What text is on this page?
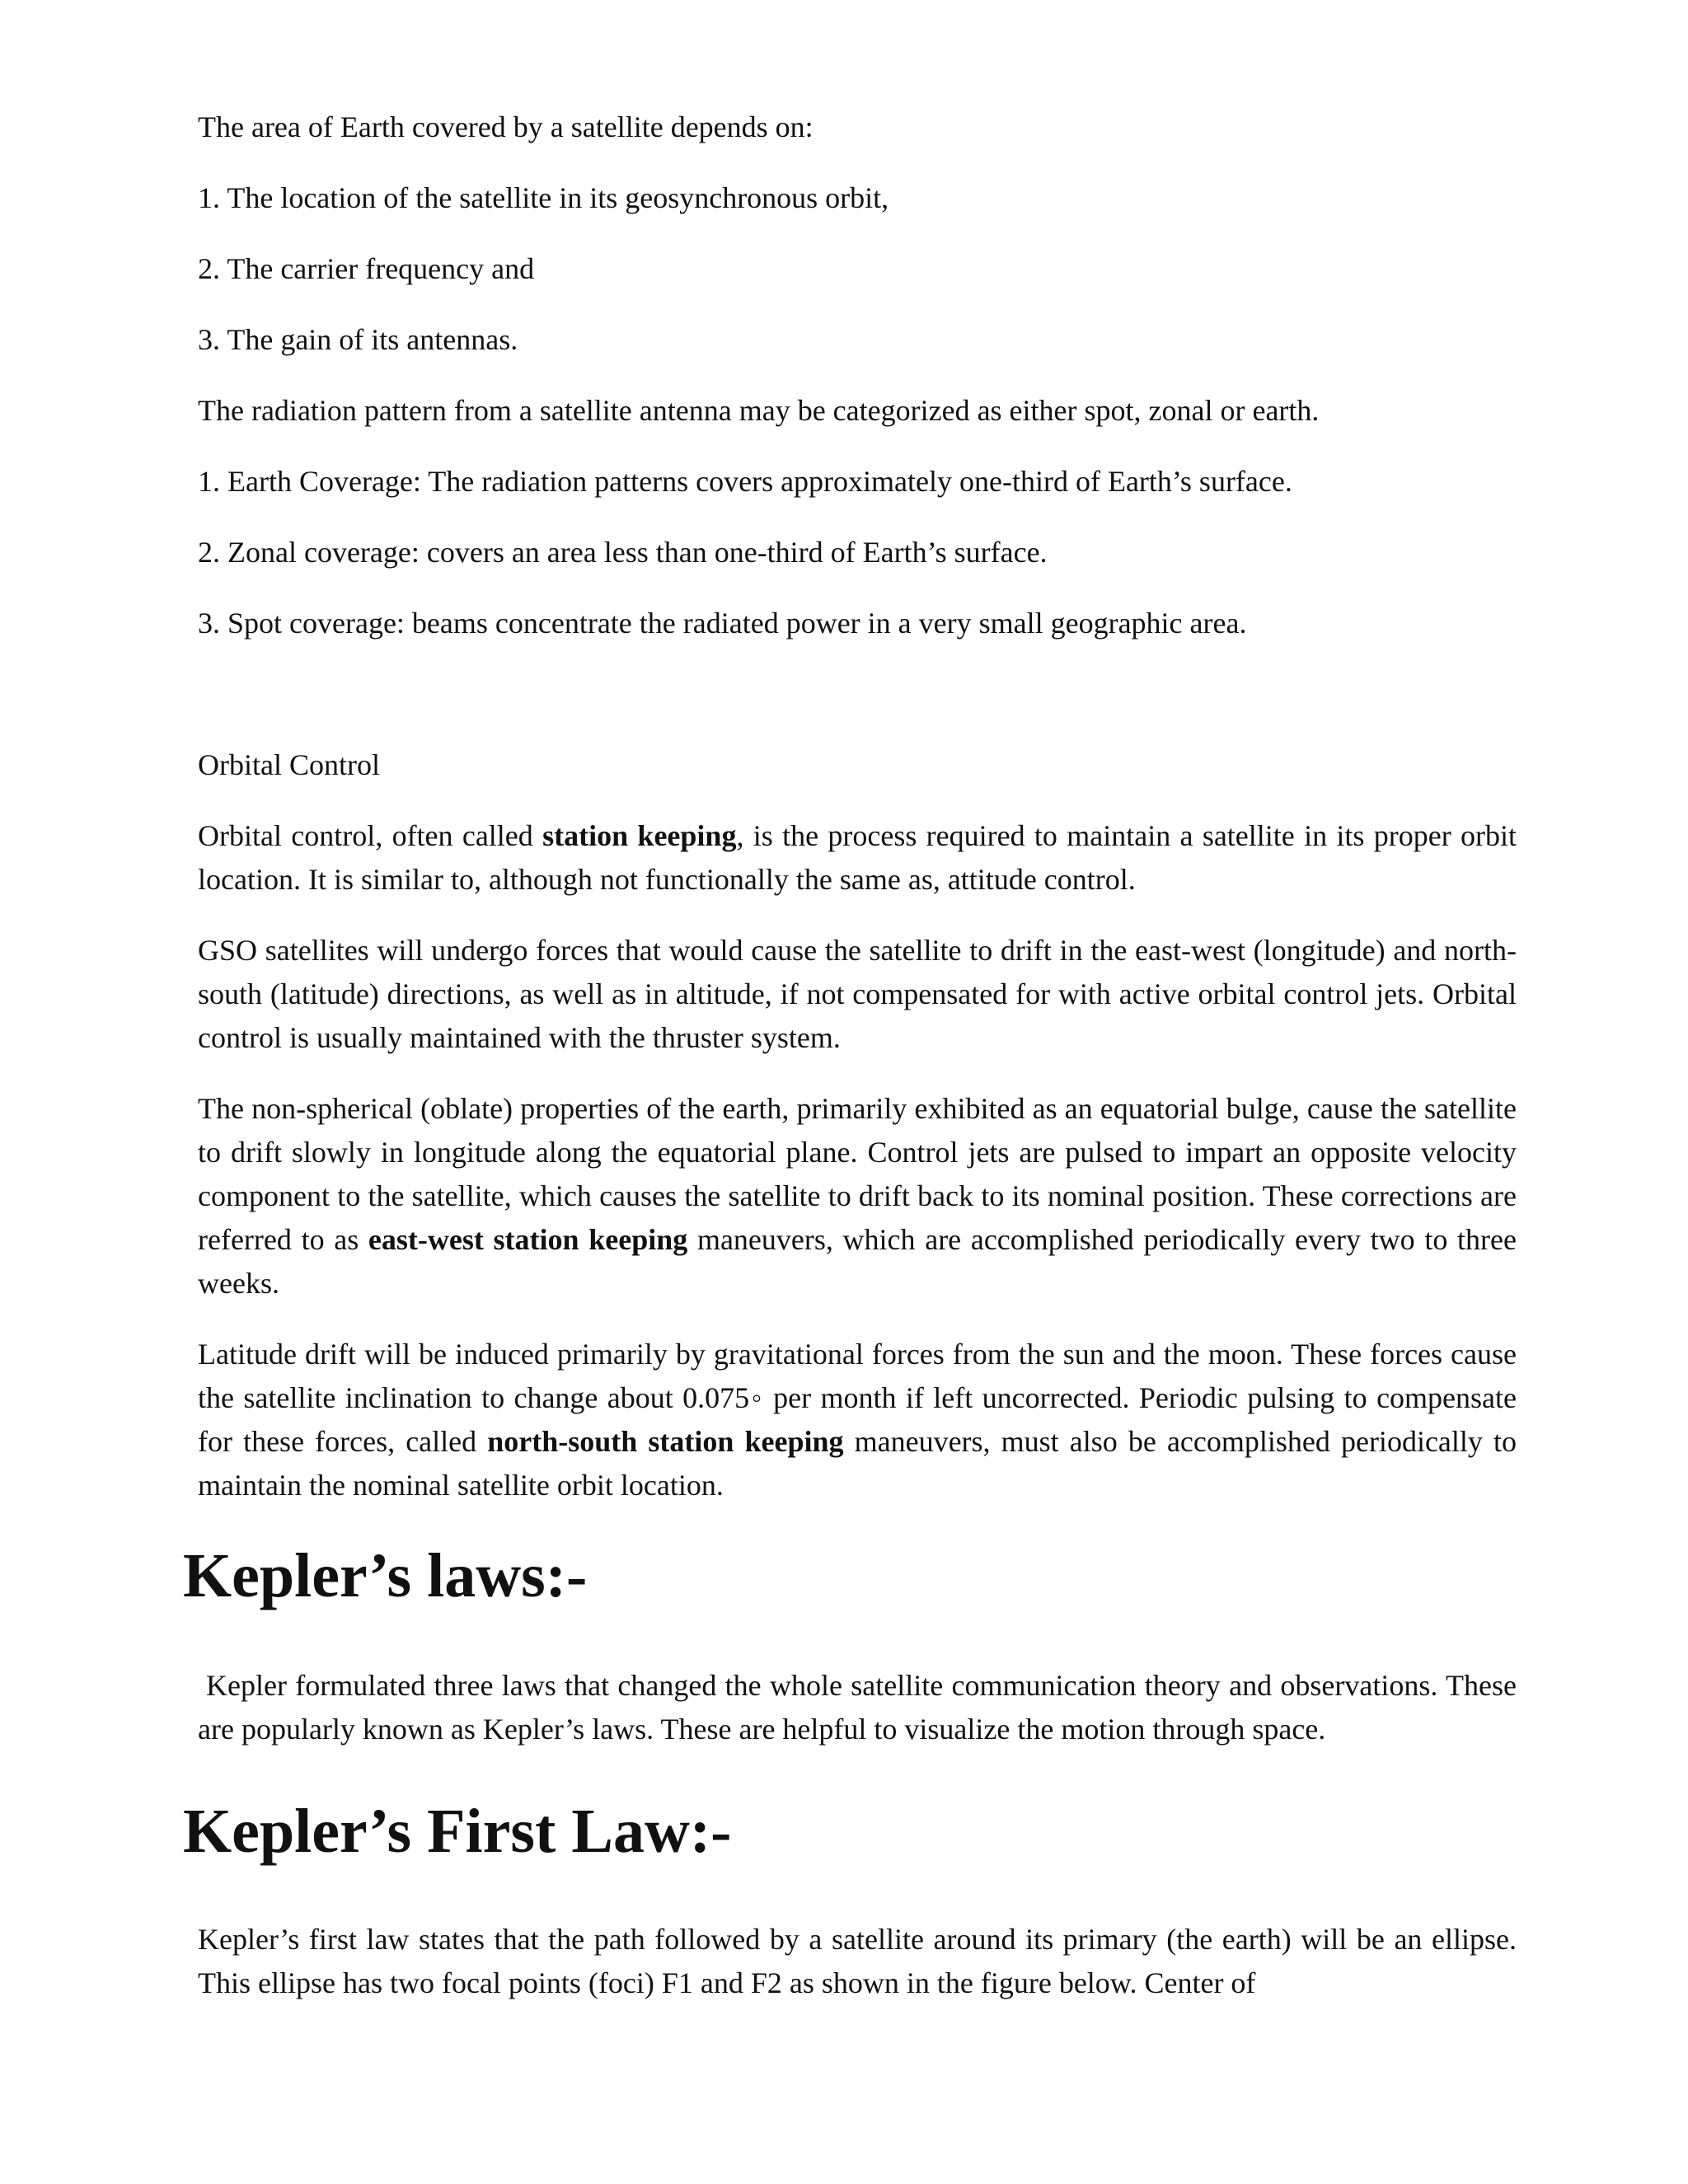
The area of Earth covered by a satellite depends on:

1. The location of the satellite in its geosynchronous orbit,

2. The carrier frequency and

3. The gain of its antennas.

The radiation pattern from a satellite antenna may be categorized as either spot, zonal or earth.

1. Earth Coverage: The radiation patterns covers approximately one-third of Earth’s surface.

2. Zonal coverage: covers an area less than one-third of Earth’s surface.

3. Spot coverage: beams concentrate the radiated power in a very small geographic area.

Orbital Control

Orbital control, often called station keeping, is the process required to maintain a satellite in its proper orbit location. It is similar to, although not functionally the same as, attitude control.

GSO satellites will undergo forces that would cause the satellite to drift in the east-west (longitude) and north-south (latitude) directions, as well as in altitude, if not compensated for with active orbital control jets. Orbital control is usually maintained with the thruster system.

The non-spherical (oblate) properties of the earth, primarily exhibited as an equatorial bulge, cause the satellite to drift slowly in longitude along the equatorial plane. Control jets are pulsed to impart an opposite velocity component to the satellite, which causes the satellite to drift back to its nominal position. These corrections are referred to as east-west station keeping maneuvers, which are accomplished periodically every two to three weeks.

Latitude drift will be induced primarily by gravitational forces from the sun and the moon. These forces cause the satellite inclination to change about 0.075◦ per month if left uncorrected. Periodic pulsing to compensate for these forces, called north-south station keeping maneuvers, must also be accomplished periodically to maintain the nominal satellite orbit location.

Kepler’s laws:-

Kepler formulated three laws that changed the whole satellite communication theory and observations. These are popularly known as Kepler’s laws. These are helpful to visualize the motion through space.

Kepler’s First Law:-

Kepler’s first law states that the path followed by a satellite around its primary (the earth) will be an ellipse. This ellipse has two focal points (foci) F1 and F2 as shown in the figure below. Center of
